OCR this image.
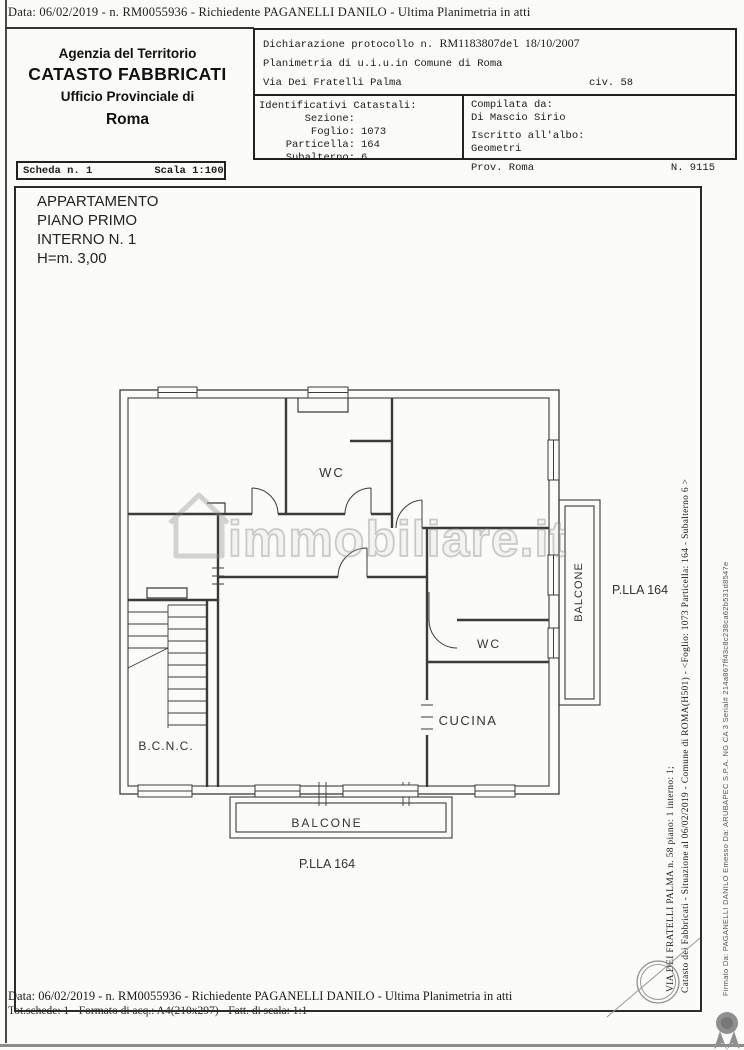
Data: 06/02/2019 - n. RM0055936 - Richiedente PAGANELLI DANILO - Ultima Planimetria in atti
Agenzia del Territorio
CATASTO FABBRICATI
Ufficio Provinciale di
Roma
Scheda n. 1	Scala 1:100
Dichiarazione protocollo n. RM1183807del 18/10/2007
Planimetria di u.i.u.in Comune di Roma
Via Dei Fratelli Palma	civ. 58
Identificativi Catastali:
Sezione:
Foglio: 1073
Particella: 164
Subalterno: 6
Compilata da:
Di Mascio Sirio
Iscritto all'albo:
Geometri
Prov. Roma	N. 9115
APPARTAMENTO
PIANO PRIMO
INTERNO N. 1
H=m. 3,00
WC
WC
CUCINA
B.C.N.C.
BALCONE
BALCONE
P.LLA 164
P.LLA 164
immobiliare.it	Catasto dei Fabbricati - Situazione al 06/02/2019 - Comune di ROMA(H501) - <Foglio: 1073 Particella: 164 - Subalterno 6 >
VIA DEI FRATELLI PALMA n. 58 piano: 1 interno: 1;	Firmato Da: PAGANELLI DANILO Emesso Da: ARUBAPEC S.P.A. NG CA 3 Serial# 214a867ff43c8c238ca62b531d8547e
Data: 06/02/2019 - n. RM0055936 - Richiedente PAGANELLI DANILO - Ultima Planimetria in atti
Tot.schede: 1 - Formato di acq.: A4(210x297) - Fatt. di scala: 1:1
